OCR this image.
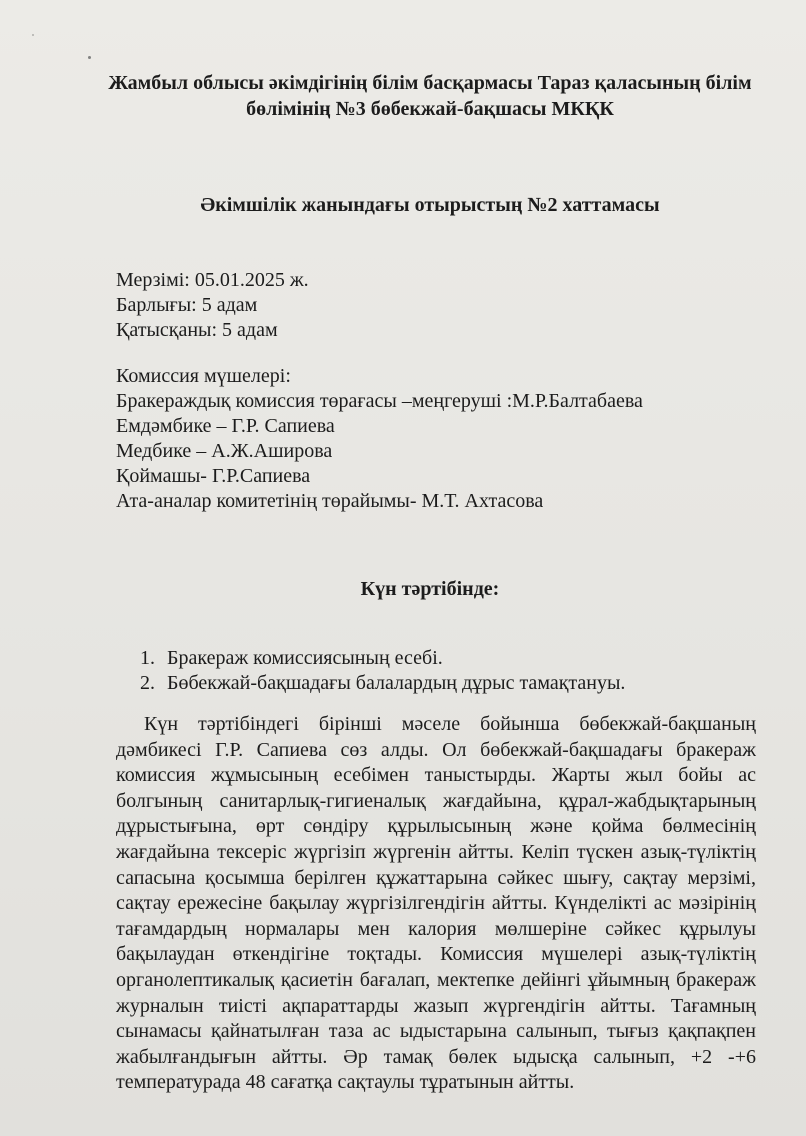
Жамбыл облысы әкімдігінің білім басқармасы Тараз қаласының білім
бөлімінің №3 бөбекжай-бақшасы МКҚК
Әкімшілік жанындағы отырыстың №2 хаттамасы
Мерзімі: 05.01.2025 ж.
Барлығы: 5 адам
Қатысқаны: 5 адам
Комиссия мүшелері:
Бракераждық комиссия төрағасы –меңгеруші :М.Р.Балтабаева
Емдәмбике – Г.Р. Сапиева
Медбике – А.Ж.Аширова
Қоймашы- Г.Р.Сапиева
Ата-аналар комитетінің төрайымы- М.Т. Ахтасова
Күн тәртібінде:
1. Бракераж комиссиясының есебі.
2. Бөбекжай-бақшадағы балалардың дұрыс тамақтануы.
Күн тәртібіндегі бірінші мәселе бойынша бөбекжай-бақшаның дәмбикесі Г.Р. Сапиева сөз алды. Ол бөбекжай-бақшадағы бракераж комиссия жұмысының есебімен таныстырды. Жарты жыл бойы ас болгының санитарлық-гигиеналық жағдайына, құрал-жабдықтарының дұрыстығына, өрт сөндіру құрылысының және қойма бөлмесінің жағдайына тексеріс жүргізіп жүргенін айтты. Келіп түскен азық-түліктің сапасына қосымша берілген құжаттарына сәйкес шығу, сақтау мерзімі, сақтау ережесіне бақылау жүргізілгендігін айтты. Күнделікті ас мәзірінің тағамдардың нормалары мен калория мөлшеріне сәйкес құрылуы бақылаудан өткендігіне тоқтады. Комиссия мүшелері азық-түліктің органолептикалық қасиетін бағалап, мектепке дейінгі ұйымның бракераж журналын тиісті ақпараттарды жазып жүргендігін айтты. Тағамның сынамасы қайнатылған таза ас ыдыстарына салынып, тығыз қақпақпен жабылғандығын айтты. Әр тамақ бөлек ыдысқа салынып, +2 -+6 температурада 48 сағатқа сақтаулы тұратынын айтты.
